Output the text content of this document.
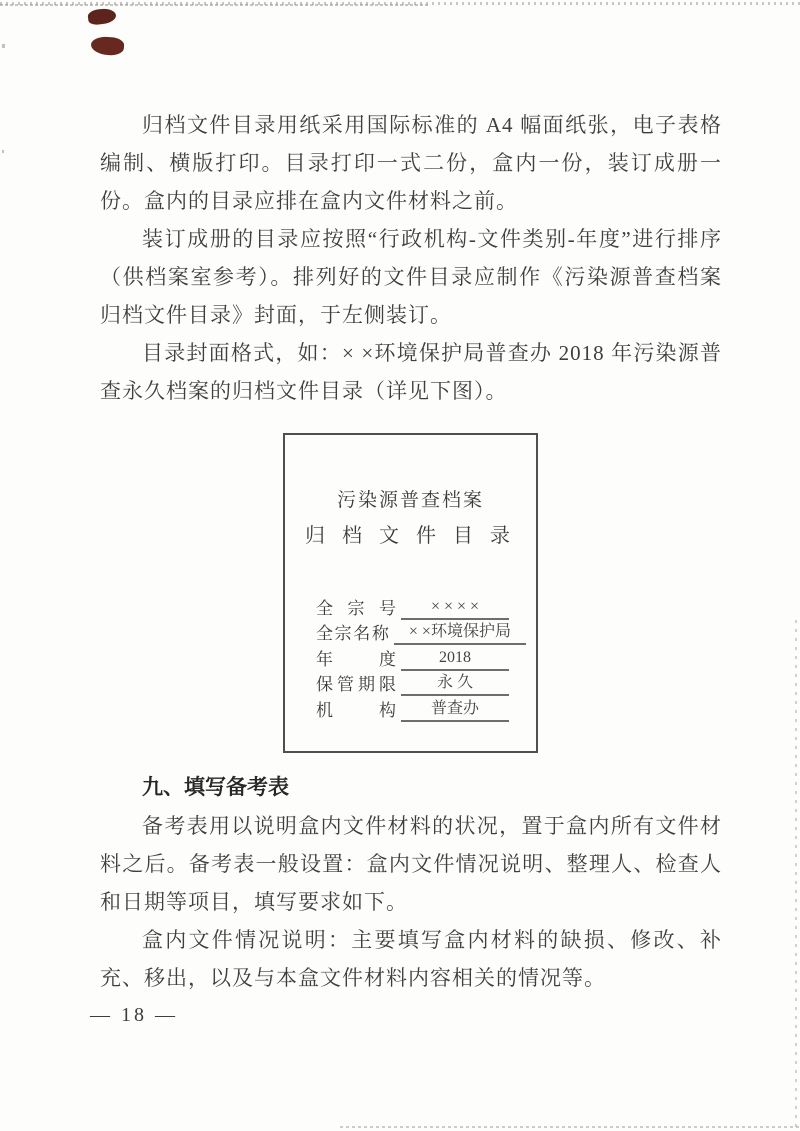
归档文件目录用纸采用国际标准的 A4 幅面纸张，电子表格编制、横版打印。目录打印一式二份，盒内一份，装订成册一份。盒内的目录应排在盒内文件材料之前。

装订成册的目录应按照“行政机构-文件类别-年度”进行排序（供档案室参考）。排列好的文件目录应制作《污染源普查档案归档文件目录》封面，于左侧装订。

目录封面格式，如：× ×环境保护局普查办 2018 年污染源普查永久档案的归档文件目录（详见下图）。

污染源普查档案
归 档 文 件 目 录
全宗号	× × × ×
全宗名称	× ×环境保护局
年度	2018
保管期限	永 久
机构	普查办
九、填写备考表

备考表用以说明盒内文件材料的状况，置于盒内所有文件材料之后。备考表一般设置：盒内文件情况说明、整理人、检查人和日期等项目，填写要求如下。

盒内文件情况说明：主要填写盒内材料的缺损、修改、补充、移出，以及与本盒文件材料内容相关的情况等。

— 18 —
